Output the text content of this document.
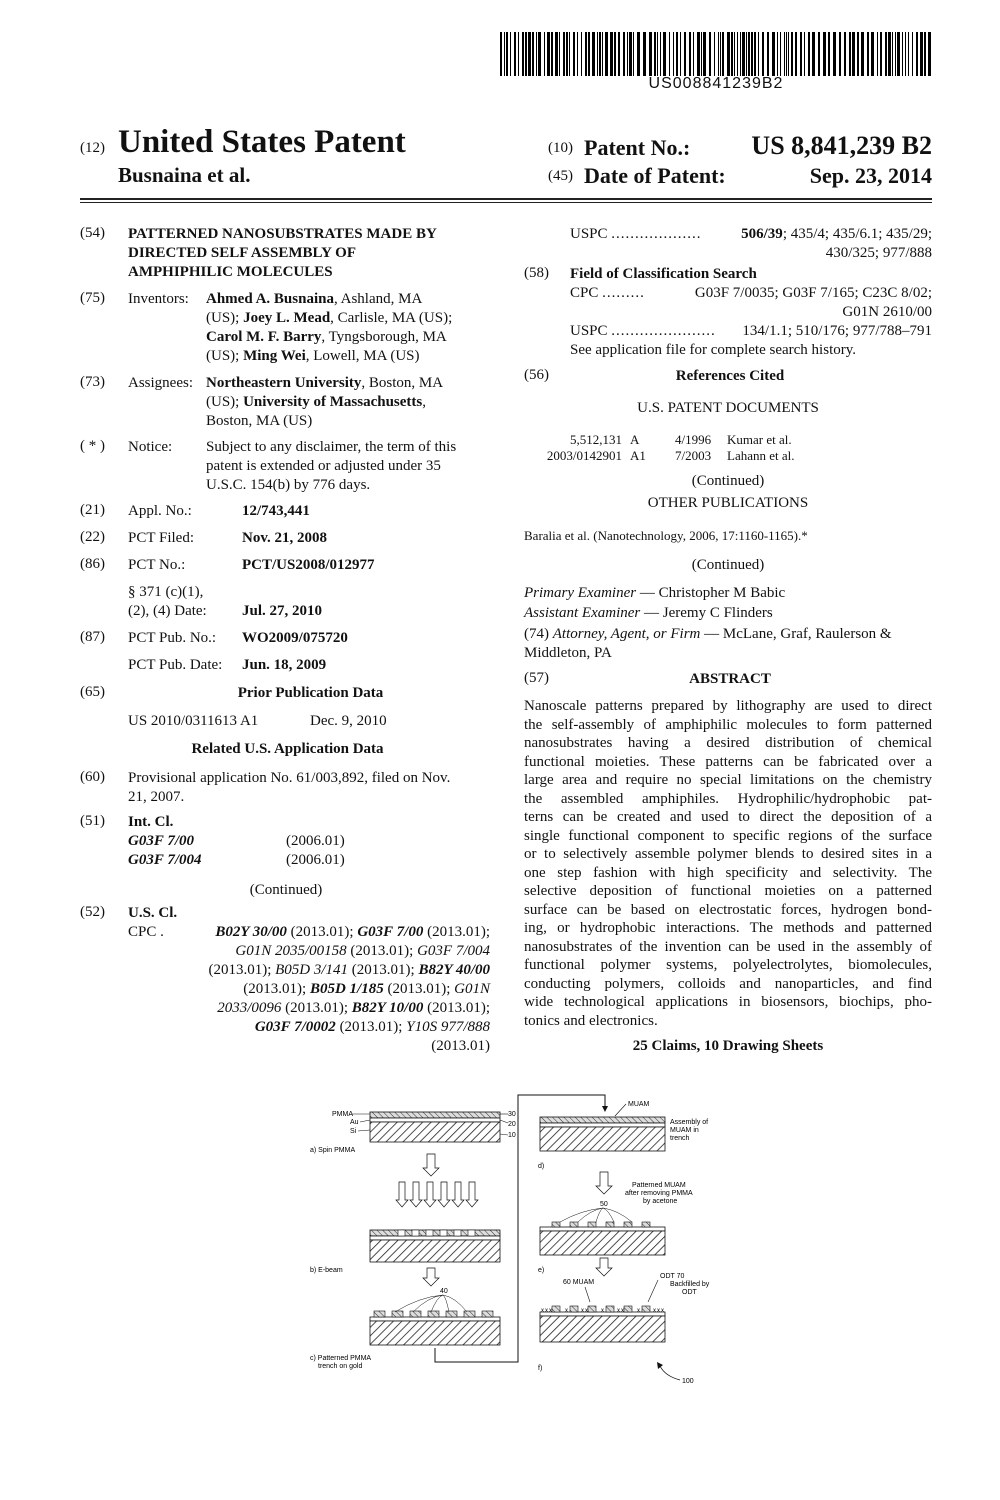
US008841239B2
(12) United States Patent
Busnaina et al.
(10) Patent No.:	US 8,841,239 B2
(45) Date of Patent:	Sep. 23, 2014
(54) PATTERNED NANOSUBSTRATES MADE BY
DIRECTED SELF ASSEMBLY OF
AMPHIPHILIC MOLECULES
(75) Inventors: Ahmed A. Busnaina, Ashland, MA
(US); Joey L. Mead, Carlisle, MA (US);
Carol M. F. Barry, Tyngsborough, MA
(US); Ming Wei, Lowell, MA (US)
(73) Assignees: Northeastern University, Boston, MA
(US); University of Massachusetts,
Boston, MA (US)
( * ) Notice: Subject to any disclaimer, the term of this
patent is extended or adjusted under 35
U.S.C. 154(b) by 776 days.
(21) Appl. No.:	12/743,441
(22) PCT Filed:	Nov. 21, 2008
(86) PCT No.:	PCT/US2008/012977
§ 371 (c)(1),
(2), (4) Date: Jul. 27, 2010
(87) PCT Pub. No.: WO2009/075720
PCT Pub. Date: Jun. 18, 2009
(65)	Prior Publication Data
US 2010/0311613 A1	Dec. 9, 2010
Related U.S. Application Data
(60) Provisional application No. 61/003,892, filed on Nov.
21, 2007.
(51) Int. Cl.
G03F 7/00	(2006.01)
G03F 7/004	(2006.01)
(Continued)
(52) U.S. Cl.
CPC .	B02Y 30/00 (2013.01); G03F 7/00 (2013.01);
G01N 2035/00158 (2013.01); G03F 7/004
(2013.01); B05D 3/141 (2013.01); B82Y 40/00
(2013.01); B05D 1/185 (2013.01); G01N
2033/0096 (2013.01); B82Y 10/00 (2013.01);
G03F 7/0002 (2013.01); Y10S 977/888
(2013.01)
USPC ...................	506/39; 435/4; 435/6.1; 435/29;
430/325; 977/888
(58) Field of Classification Search
CPC .........	G03F 7/0035; G03F 7/165; C23C 8/02;
G01N 2610/00
USPC ......................	134/1.1; 510/176; 977/788–791
See application file for complete search history.
(56)	References Cited
U.S. PATENT DOCUMENTS
5,512,131 A	4/1996 Kumar et al.
2003/0142901 A1 7/2003 Lahann et al.
(Continued)
OTHER PUBLICATIONS
Baralia et al. (Nanotechnology, 2006, 17:1160-1165).*
(Continued)
Primary Examiner — Christopher M Babic
Assistant Examiner — Jeremy C Flinders
(74) Attorney, Agent, or Firm — McLane, Graf, Raulerson &
Middleton, PA
(57)	ABSTRACT
Nanoscale patterns prepared by lithography are used to direct
the self-assembly of amphiphilic molecules to form patterned
nanosubstrates having a desired distribution of chemical
functional moieties. These patterns can be fabricated over a
large area and require no special limitations on the chemistry
the assembled amphiphiles. Hydrophilic/hydrophobic pat-
terns can be created and used to direct the deposition of a
single functional component to specific regions of the surface
or to selectively assemble polymer blends to desired sites in a
one step fashion with high specificity and selectivity. The
selective deposition of functional moieties on a patterned
surface can be based on electrostatic forces, hydrogen bond-
ing, or hydrophobic interactions. The methods and patterned
nanosubstrates of the invention can be used in the assembly of
functional polymer systems, polyelectrolytes, biomolecules,
conducting polymers, colloids and nanoparticles, and find
wide technological applications in biosensors, biochips, pho-
tonics and electronics.
25 Claims, 10 Drawing Sheets
PMMA
Au
Si
30
20
10
a) Spin PMMA
b) E-beam
40
c) Patterned PMMA
trench on gold
MUAM
Assembly of
MUAM in
trench
d)
Patterned MUAM
after removing PMMA
by acetone
50
e)
60 MUAM
ODT 70
Backfilled by
ODT
x x x x x x x x x x x x x
f)
100
